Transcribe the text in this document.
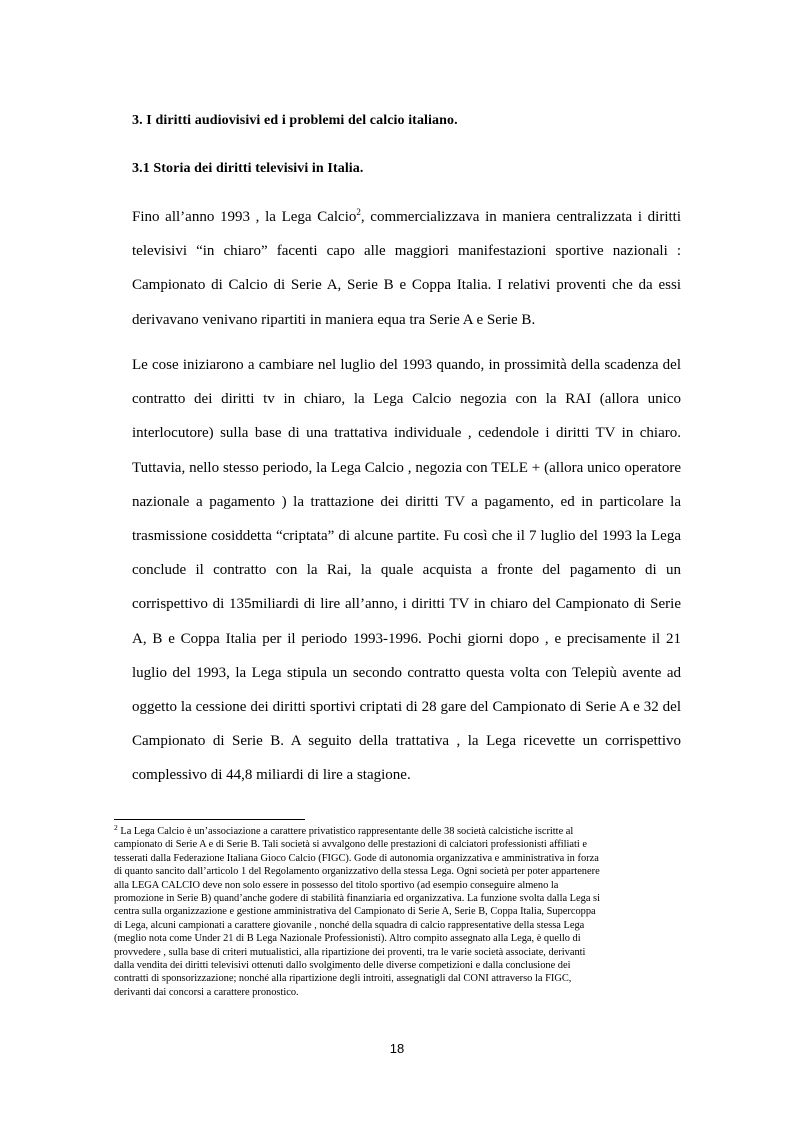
3. I diritti audiovisivi ed i problemi del calcio italiano.
3.1 Storia dei diritti televisivi in Italia.

Fino all’anno 1993 , la Lega Calcio$^2$, commercializzava in maniera centralizzata i diritti televisivi “in chiaro” facenti capo alle maggiori manifestazioni sportive nazionali : Campionato di Calcio di Serie A, Serie B e Coppa Italia. I relativi proventi che da essi derivavano venivano ripartiti in maniera equa tra Serie A e Serie B.

Le cose iniziarono a cambiare nel luglio del 1993 quando, in prossimità della scadenza del contratto dei diritti tv in chiaro, la Lega Calcio negozia con la RAI (allora unico interlocutore) sulla base di una trattativa individuale , cedendole i diritti TV in chiaro. Tuttavia, nello stesso periodo, la Lega Calcio , negozia con TELE + (allora unico operatore nazionale a pagamento ) la trattazione dei diritti TV a pagamento, ed in particolare la trasmissione cosiddetta “criptata” di alcune partite. Fu così che il 7 luglio del 1993 la Lega conclude il contratto con la Rai, la quale acquista a fronte del pagamento di un corrispettivo di 135miliardi di lire all’anno, i diritti TV in chiaro del Campionato di Serie A, B e Coppa Italia per il periodo 1993-1996. Pochi giorni dopo , e precisamente il 21 luglio del 1993, la Lega stipula un secondo contratto questa volta con Telepiù avente ad oggetto la cessione dei diritti sportivi criptati di 28 gare del Campionato di Serie A e 32 del Campionato di Serie B. A seguito della trattativa , la Lega ricevette un corrispettivo complessivo di 44,8 miliardi di lire a stagione.

$^2$ La Lega Calcio è un’associazione a carattere privatistico rappresentante delle 38 società calcistiche iscritte al
campionato di Serie A e di Serie B. Tali società si avvalgono delle prestazioni di calciatori professionisti affiliati e
tesserati dalla Federazione Italiana Gioco Calcio (FIGC). Gode di autonomia organizzativa e amministrativa in forza
di quanto sancito dall’articolo 1 del Regolamento organizzativo della stessa Lega. Ogni società per poter appartenere
alla LEGA CALCIO deve non solo essere in possesso del titolo sportivo (ad esempio conseguire almeno la
promozione in Serie B) quand’anche godere di stabilità finanziaria ed organizzativa. La funzione svolta dalla Lega si
centra sulla organizzazione e gestione amministrativa del Campionato di Serie A, Serie B, Coppa Italia, Supercoppa
di Lega, alcuni campionati a carattere giovanile , nonché della squadra di calcio rappresentative della stessa Lega
(meglio nota come Under 21 di B Lega Nazionale Professionisti). Altro compito assegnato alla Lega, è quello di
provvedere , sulla base di criteri mutualistici, alla ripartizione dei proventi, tra le varie società associate, derivanti
dalla vendita dei diritti televisivi ottenuti dallo svolgimento delle diverse competizioni e dalla conclusione dei
contratti di sponsorizzazione; nonché alla ripartizione degli introiti, assegnatigli dal CONI attraverso la FIGC,
derivanti dai concorsi a carattere pronostico.

18
